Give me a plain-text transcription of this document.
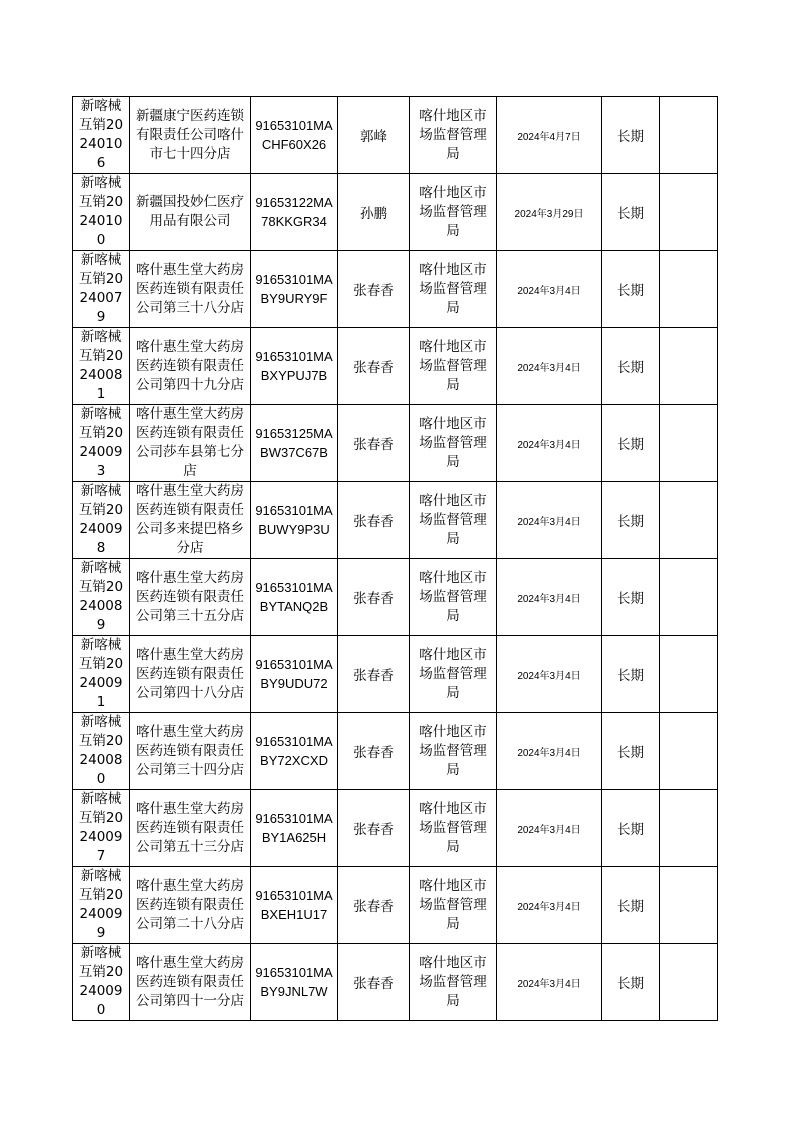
新喀械互销20240106	新疆康宁医药连锁有限责任公司喀什市七十四分店	91653101MACHF60X26	郭峰	喀什地区市场监督管理局	2024年4月7日	长期	
新喀械互销20240100	新疆国投妙仁医疗用品有限公司	91653122MA78KKGR34	孙鹏	喀什地区市场监督管理局	2024年3月29日	长期	
新喀械互销20240079	喀什惠生堂大药房医药连锁有限责任公司第三十八分店	91653101MABY9URY9F	张春香	喀什地区市场监督管理局	2024年3月4日	长期	
新喀械互销20240081	喀什惠生堂大药房医药连锁有限责任公司第四十九分店	91653101MABXYPUJ7B	张春香	喀什地区市场监督管理局	2024年3月4日	长期	
新喀械互销20240093	喀什惠生堂大药房医药连锁有限责任公司莎车县第七分店	91653125MABW37C67B	张春香	喀什地区市场监督管理局	2024年3月4日	长期	
新喀械互销20240098	喀什惠生堂大药房医药连锁有限责任公司多来提巴格乡分店	91653101MABUWY9P3U	张春香	喀什地区市场监督管理局	2024年3月4日	长期	
新喀械互销20240089	喀什惠生堂大药房医药连锁有限责任公司第三十五分店	91653101MABYTANQ2B	张春香	喀什地区市场监督管理局	2024年3月4日	长期	
新喀械互销20240091	喀什惠生堂大药房医药连锁有限责任公司第四十八分店	91653101MABY9UDU72	张春香	喀什地区市场监督管理局	2024年3月4日	长期	
新喀械互销20240080	喀什惠生堂大药房医药连锁有限责任公司第三十四分店	91653101MABY72XCXD	张春香	喀什地区市场监督管理局	2024年3月4日	长期	
新喀械互销20240097	喀什惠生堂大药房医药连锁有限责任公司第五十三分店	91653101MABY1A625H	张春香	喀什地区市场监督管理局	2024年3月4日	长期	
新喀械互销20240099	喀什惠生堂大药房医药连锁有限责任公司第二十八分店	91653101MABXEH1U17	张春香	喀什地区市场监督管理局	2024年3月4日	长期	
新喀械互销20240090	喀什惠生堂大药房医药连锁有限责任公司第四十一分店	91653101MABY9JNL7W	张春香	喀什地区市场监督管理局	2024年3月4日	长期	
